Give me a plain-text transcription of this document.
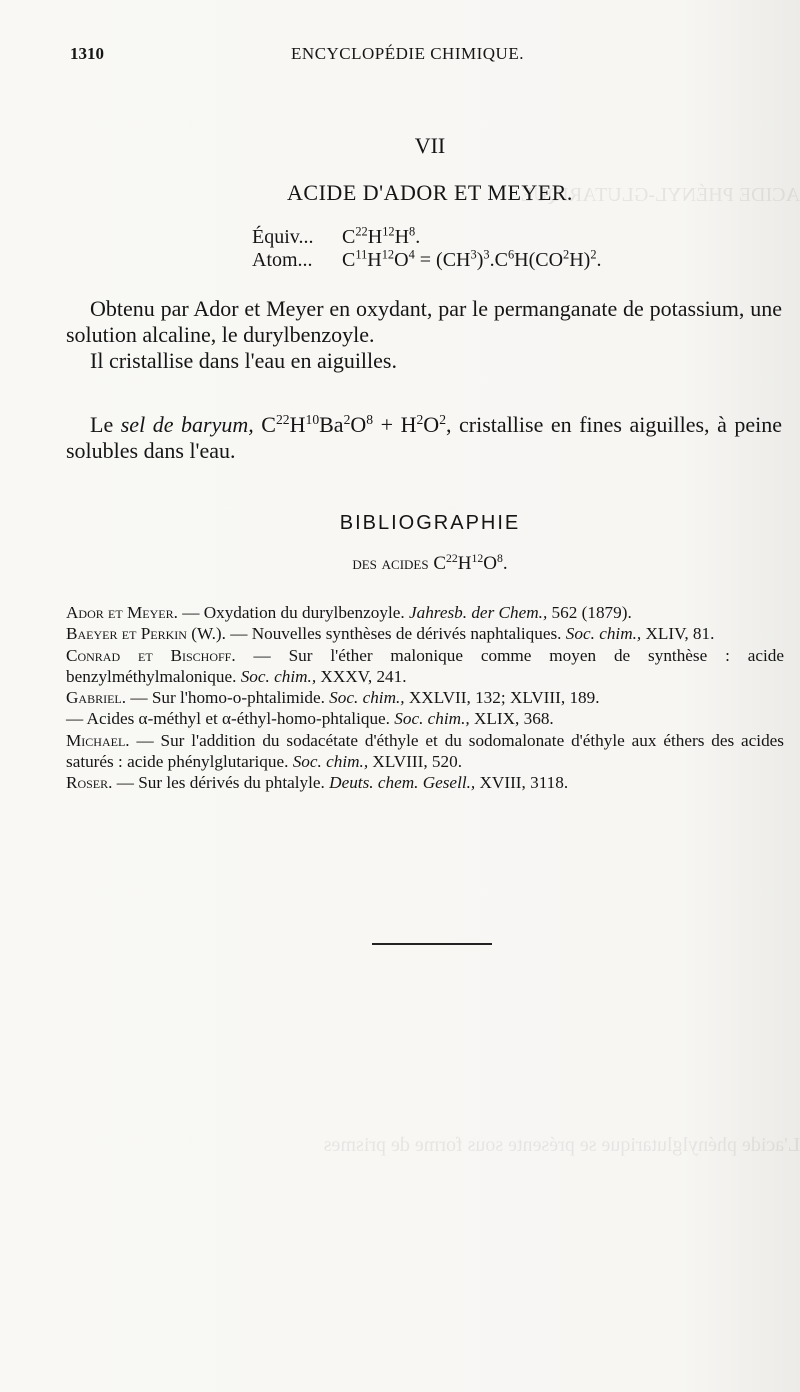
ACIDE PHÉNYL-GLUTARIQUE
L'acide phénylglutarique se présente sous forme de prismes
1310	ENCYCLOPÉDIE CHIMIQUE.
VII
ACIDE D'ADOR ET MEYER.
Équiv... $C^{22}H^{12}H^8$.
Atom... $C^{11}H^{12}O^4 = (CH^3)^3.C^6H(CO^2H)^2$.
Obtenu par Ador et Meyer en oxydant, par le permanganate de potassium, une solution alcaline, le durylbenzoyle.
Il cristallise dans l'eau en aiguilles.
Le sel de baryum, $C^{22}H^{10}Ba^2O^8 + H^2O^2$, cristallise en fines aiguilles, à peine solubles dans l'eau.
BIBLIOGRAPHIE
des acides $C^{22}H^{12}O^8$.
Ador et Meyer. — Oxydation du durylbenzoyle. Jahresb. der Chem., 562 (1879).
Baeyer et Perkin (W.). — Nouvelles synthèses de dérivés naphtaliques. Soc. chim., XLIV, 81.
Conrad et Bischoff. — Sur l'éther malonique comme moyen de synthèse : acide benzylméthylmalonique. Soc. chim., XXXV, 241.
Gabriel. — Sur l'homo-o-phtalimide. Soc. chim., XXLVII, 132; XLVIII, 189.
— Acides α-méthyl et α-éthyl-homo-phtalique. Soc. chim., XLIX, 368.
Michael. — Sur l'addition du sodacétate d'éthyle et du sodomalonate d'éthyle aux éthers des acides saturés : acide phénylglutarique. Soc. chim., XLVIII, 520.
Roser. — Sur les dérivés du phtalyle. Deuts. chem. Gesell., XVIII, 3118.
